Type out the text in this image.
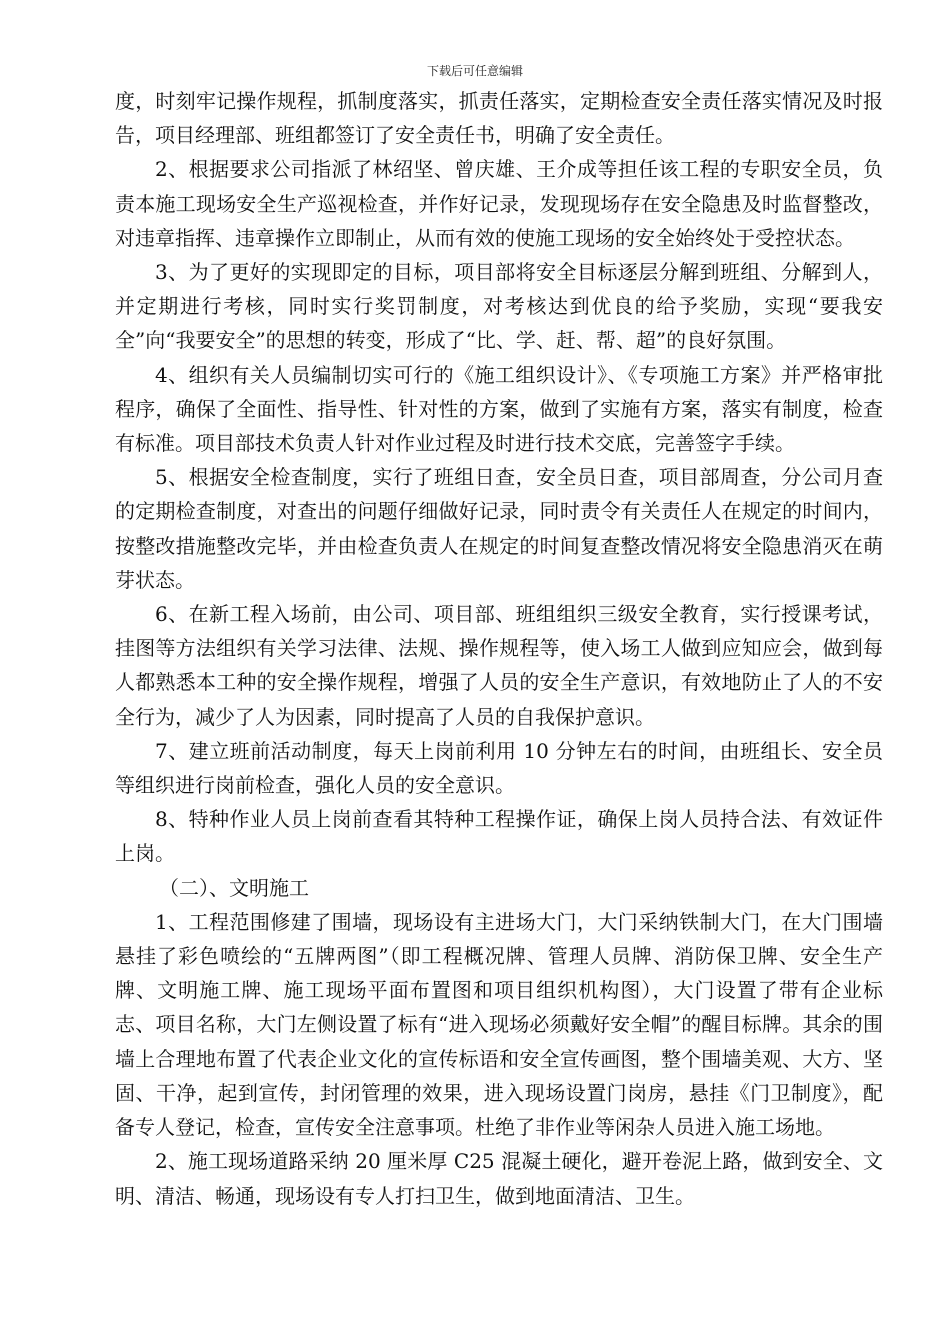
下载后可任意编辑

度，时刻牢记操作规程，抓制度落实，抓责任落实，定期检查安全责任落实情况及时报告，项目经理部、班组都签订了安全责任书，明确了安全责任。

2、根据要求公司指派了林绍坚、曾庆雄、王介成等担任该工程的专职安全员，负责本施工现场安全生产巡视检查，并作好记录，发现现场存在安全隐患及时监督整改，对违章指挥、违章操作立即制止，从而有效的使施工现场的安全始终处于受控状态。

3、为了更好的实现即定的目标，项目部将安全目标逐层分解到班组、分解到人，并定期进行考核，同时实行奖罚制度，对考核达到优良的给予奖励，实现“要我安全”向“我要安全”的思想的转变，形成了“比、学、赶、帮、超”的良好氛围。

4、组织有关人员编制切实可行的《施工组织设计》、《专项施工方案》并严格审批程序，确保了全面性、指导性、针对性的方案，做到了实施有方案，落实有制度，检查有标准。项目部技术负责人针对作业过程及时进行技术交底，完善签字手续。

5、根据安全检查制度，实行了班组日查，安全员日查，项目部周查，分公司月查的定期检查制度，对查出的问题仔细做好记录，同时责令有关责任人在规定的时间内，按整改措施整改完毕，并由检查负责人在规定的时间复查整改情况将安全隐患消灭在萌芽状态。

6、在新工程入场前，由公司、项目部、班组组织三级安全教育，实行授课考试，挂图等方法组织有关学习法律、法规、操作规程等，使入场工人做到应知应会，做到每人都熟悉本工种的安全操作规程，增强了人员的安全生产意识，有效地防止了人的不安全行为，减少了人为因素，同时提高了人员的自我保护意识。

7、建立班前活动制度，每天上岗前利用 10 分钟左右的时间，由班组长、安全员等组织进行岗前检查，强化人员的安全意识。

8、特种作业人员上岗前查看其特种工程操作证，确保上岗人员持合法、有效证件上岗。

（二）、文明施工

1、工程范围修建了围墙，现场设有主进场大门，大门采纳铁制大门，在大门围墙悬挂了彩色喷绘的“五牌两图”（即工程概况牌、管理人员牌、消防保卫牌、安全生产牌、文明施工牌、施工现场平面布置图和项目组织机构图），大门设置了带有企业标志、项目名称，大门左侧设置了标有“进入现场必须戴好安全帽”的醒目标牌。其余的围墙上合理地布置了代表企业文化的宣传标语和安全宣传画图，整个围墙美观、大方、坚固、干净，起到宣传，封闭管理的效果，进入现场设置门岗房，悬挂《门卫制度》，配备专人登记，检查，宣传安全注意事项。杜绝了非作业等闲杂人员进入施工场地。

2、施工现场道路采纳 20 厘米厚 C25 混凝土硬化，避开卷泥上路，做到安全、文明、清洁、畅通，现场设有专人打扫卫生，做到地面清洁、卫生。
